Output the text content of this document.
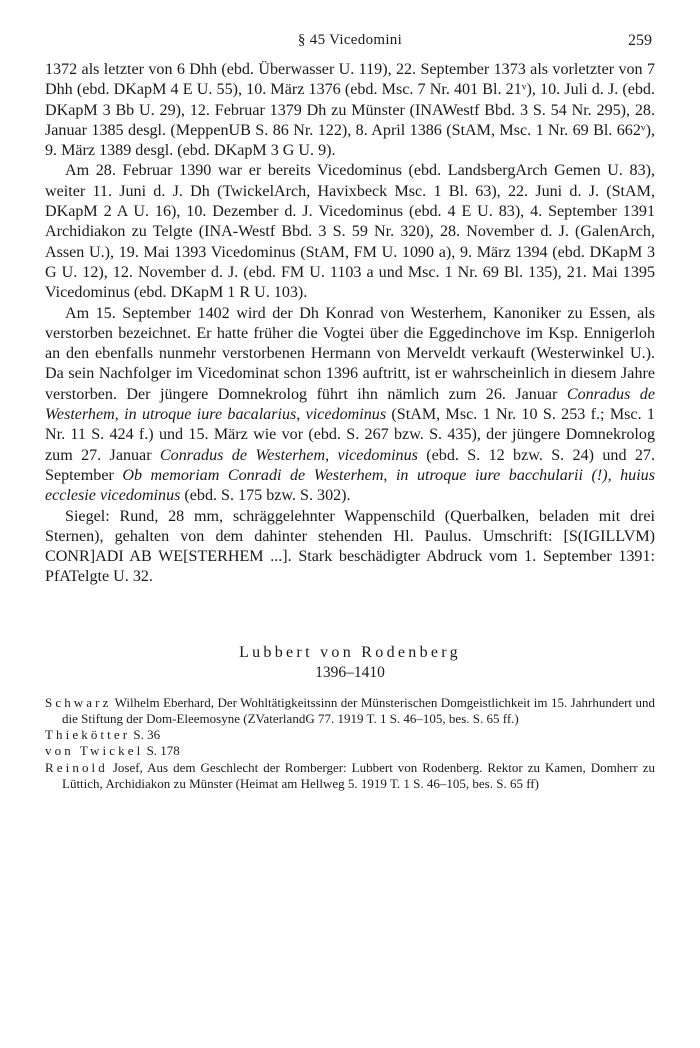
§ 45 Vicedomini	259

1372 als letzter von 6 Dhh (ebd. Überwasser U. 119), 22. September 1373 als vorletzter von 7 Dhh (ebd. DKapM 4 E U. 55), 10. März 1376 (ebd. Msc. 7 Nr. 401 Bl. 21ᵛ), 10. Juli d. J. (ebd. DKapM 3 Bb U. 29), 12. Februar 1379 Dh zu Münster (INAWestf Bbd. 3 S. 54 Nr. 295), 28. Januar 1385 desgl. (MeppenUB S. 86 Nr. 122), 8. April 1386 (StAM, Msc. 1 Nr. 69 Bl. 662ᵛ), 9. März 1389 desgl. (ebd. DKapM 3 G U. 9).

Am 28. Februar 1390 war er bereits Vicedominus (ebd. LandsbergArch Gemen U. 83), weiter 11. Juni d. J. Dh (TwickelArch, Havixbeck Msc. 1 Bl. 63), 22. Juni d. J. (StAM, DKapM 2 A U. 16), 10. Dezember d. J. Vicedominus (ebd. 4 E U. 83), 4. September 1391 Archidiakon zu Telgte (INA-Westf Bbd. 3 S. 59 Nr. 320), 28. November d. J. (GalenArch, Assen U.), 19. Mai 1393 Vicedominus (StAM, FM U. 1090 a), 9. März 1394 (ebd. DKapM 3 G U. 12), 12. November d. J. (ebd. FM U. 1103 a und Msc. 1 Nr. 69 Bl. 135), 21. Mai 1395 Vicedominus (ebd. DKapM 1 R U. 103).

Am 15. September 1402 wird der Dh Konrad von Westerhem, Kanoniker zu Essen, als verstorben bezeichnet. Er hatte früher die Vogtei über die Eggedinchove im Ksp. Ennigerloh an den ebenfalls nunmehr verstorbenen Hermann von Merveldt verkauft (Westerwinkel U.). Da sein Nachfolger im Vicedominat schon 1396 auftritt, ist er wahrscheinlich in diesem Jahre verstorben. Der jüngere Domnekrolog führt ihn nämlich zum 26. Januar Conradus de Westerhem, in utroque iure bacalarius, vicedominus (StAM, Msc. 1 Nr. 10 S. 253 f.; Msc. 1 Nr. 11 S. 424 f.) und 15. März wie vor (ebd. S. 267 bzw. S. 435), der jüngere Domnekrolog zum 27. Januar Conradus de Westerhem, vicedominus (ebd. S. 12 bzw. S. 24) und 27. September Ob memoriam Conradi de Westerhem, in utroque iure bacchularii (!), huius ecclesie vicedominus (ebd. S. 175 bzw. S. 302).

Siegel: Rund, 28 mm, schräggelehnter Wappenschild (Querbalken, beladen mit drei Sternen), gehalten von dem dahinter stehenden Hl. Paulus. Umschrift: [S(IGILLVM) CONR]ADI AB WE[STERHEM ...]. Stark beschädigter Abdruck vom 1. September 1391: PfATelgte U. 32.

Lubbert von Rodenberg
1396–1410
Schwarz Wilhelm Eberhard, Der Wohltätigkeitssinn der Münsterischen Domgeistlichkeit im 15. Jahrhundert und die Stiftung der Dom-Eleemosyne (ZVaterlandG 77. 1919 T. 1 S. 46–105, bes. S. 65 ff.)
Thiekötter S. 36
von Twickel S. 178
Reinold Josef, Aus dem Geschlecht der Romberger: Lubbert von Rodenberg. Rektor zu Kamen, Domherr zu Lüttich, Archidiakon zu Münster (Heimat am Hellweg 5. 1919 T. 1 S. 46–105, bes. S. 65 ff)
